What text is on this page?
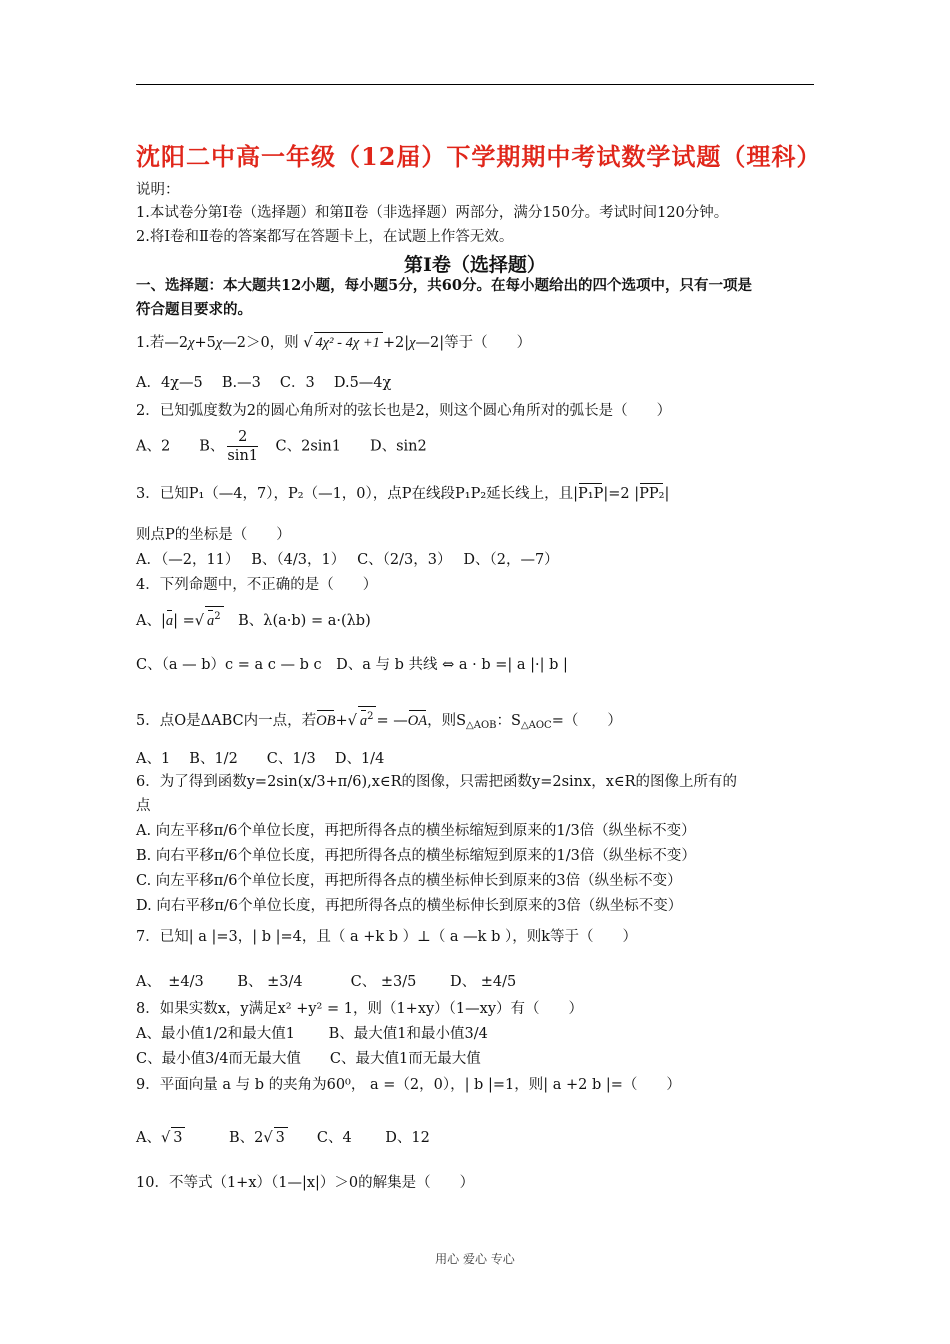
沈阳二中高一年级（12届）下学期期中考试数学试题（理科）
说明：
1.本试卷分第Ⅰ卷（选择题）和第Ⅱ卷（非选择题）两部分，满分150分。考试时间120分钟。
2.将Ⅰ卷和Ⅱ卷的答案都写在答题卡上，在试题上作答无效。
第Ⅰ卷（选择题）
一、选择题：本大题共12小题，每小题5分，共60分。在每小题给出的四个选项中，只有一项是
符合题目要求的。
1.若—2χ+5χ—2＞0，则 √ 4χ² - 4χ +1 +2|χ—2|等于（　　）
A．4χ—5　 B.—3　 C．3　 D.5—4χ
2．已知弧度数为2的圆心角所对的弦长也是2，则这个圆心角所对的弧长是（　　）
A、2　　B、 $\frac{2}{\sin 1}$ 　C、2sin1　　D、sin2
3．已知P₁（—4，7），P₂（—1，0），点P在线段P₁P₂延长线上，且|P₁P|=2 |PP₂|
则点P的坐标是（　　）
A．（—2，11）　 B、（4/3，1）　 C、（2/3，3）　 D、（2，—7）
4．下列命题中，不正确的是（　　）
A、|a| =√ $a^2$　B、λ(a·b) = a·(λb)
C、（a — b）c = a c — b c　D、a 与 b 共线 ⇔ a · b =| a |·| b |
5．点O是ΔABC内一点，若OB+√ $a^2$ = —OA，则$S_{\triangle AOB}$：$S_{\triangle AOC}=$（　　）
A、1　 B、1/2　　C、1/3　 D、1/4
6．为了得到函数y=2sin(x/3+π/6),x∈R的图像，只需把函数y=2sinx，x∈R的图像上所有的
点
A. 向左平移π/6个单位长度，再把所得各点的横坐标缩短到原来的1/3倍（纵坐标不变）
B. 向右平移π/6个单位长度，再把所得各点的横坐标缩短到原来的1/3倍（纵坐标不变）
C. 向左平移π/6个单位长度，再把所得各点的横坐标伸长到原来的3倍（纵坐标不变）
D. 向右平移π/6个单位长度，再把所得各点的横坐标伸长到原来的3倍（纵坐标不变）
7．已知| a |=3，| b |=4，且（ a +k b ）⊥（ a —k b ），则k等于（　　）
A、　±4/3　　 B、 ±3/4　　　 C、 ±3/5　　 D、 ±4/5
8．如果实数x，y满足x² +y² = 1，则（1+xy）（1—xy）有（　　）
A、最小值1/2和最大值1　　 B、最大值1和最小值3/4
C、最小值3/4而无最大值　　C、最大值1而无最大值
9．平面向量 a 与 b 的夹角为60⁰， a =（2，0），| b |=1，则| a +2 b |=（　　）
A、√ 3　　　B、2√ 3　　C、4　　 D、12
10．不等式（1+x）（1—|x|）＞0的解集是（　　）
用心 爱心 专心
